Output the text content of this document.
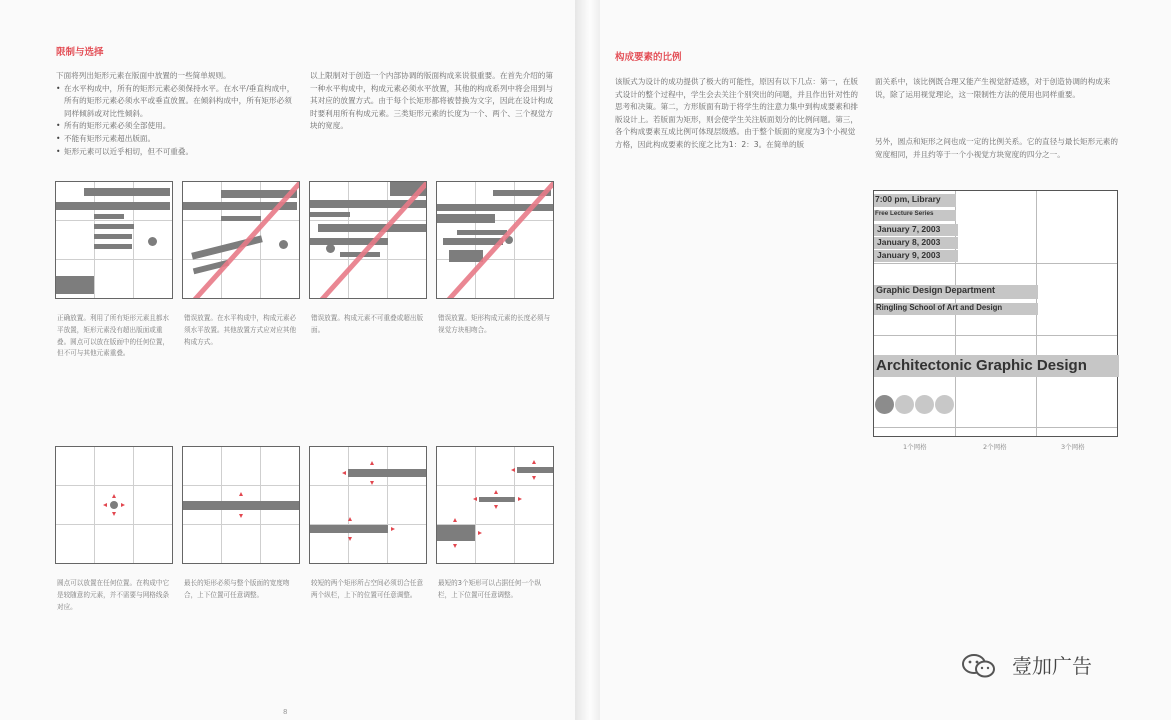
限制与选择
下面将列出矩形元素在版面中放置的一些简单规则。
• 在水平构成中，所有的矩形元素必须保持水平。在水平/垂直构成中，所有的矩形元素必须水平或垂直放置。在倾斜构成中，所有矩形必须同样倾斜或对比性倾斜。
• 所有的矩形元素必须全部使用。
• 不能有矩形元素超出版面。
• 矩形元素可以近乎相切，但不可重叠。
以上限制对于创造一个内部协调的版面构成来说很重要。在首先介绍的第一种水平构成中，构成元素必须水平放置，其他的构成系列中将会用到与其对应的放置方式。由于每个长矩形都将被替换为文字，因此在设计构成时要利用所有构成元素。三类矩形元素的长度为一个、两个、三个视觉方块的宽度。
正确放置。利用了所有矩形元素且都水平放置，矩形元素没有超出版面或重叠。圆点可以放在版面中的任何位置，但不可与其他元素重叠。
错误放置。在水平构成中，构成元素必须水平放置。其他放置方式应对应其他构成方式。
错误放置。构成元素不可重叠或超出版面。
错误放置。矩形构成元素的长度必须与视觉方块相吻合。
圆点可以放置在任何位置。在构成中它是较随意的元素，并不需要与网格线条对应。
最长的矩形必须与整个版面的宽度吻合，上下位置可任意调整。
较短的两个矩形所占空间必须切合任意两个纵栏，上下的位置可任意调整。
最短的3个矩形可以占据任何一个纵栏，上下位置可任意调整。
8
构成要素的比例
该版式为设计的成功提供了极大的可能性，原因有以下几点：第一，在版式设计的整个过程中，学生会去关注个别突出的问题，并且作出针对性的思考和决策。第二，方形版面有助于将学生的注意力集中到构成要素和排版设计上。若版面为矩形，则会使学生关注版面划分的比例问题。第三，各个构成要素互成比例可体现层级感。由于整个版面的宽度为3个小视觉方格，因此构成要素的长度之比为1：2：3。在简单的版
面关系中，该比例既合理又能产生视觉舒适感，对于创造协调的构成来说，除了运用视觉理论，这一限制性方法的使用也同样重要。
另外，圆点和矩形之间也成一定的比例关系。它的直径与最长矩形元素的宽度相同，并且约等于一个小视觉方块宽度的四分之一。
7:00 pm, Library
Free Lecture Series
January 7, 2003
January 8, 2003
January 9, 2003
Graphic Design Department
Ringling School of Art and Design
Architectonic Graphic Design
1个网格	2个网格	3个网格
壹加广告
